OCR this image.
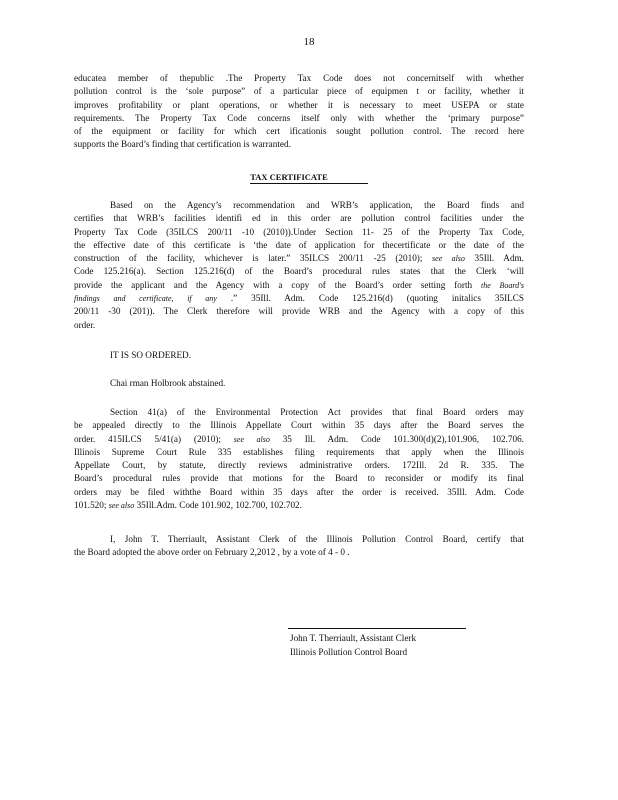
18
educatea member of thepublic .The Property Tax Code does not concernitself with whether
pollution control is the ‘sole purpose” of a particular piece of equipmen t or facility, whether it
improves profitability or plant operations, or whether it is necessary to meet USEPA or state
requirements. The Property Tax Code concerns itself only with whether the ‘primary purpose”
of the equipment or facility for which cert ificationis sought pollution control. The record here
supports the Board’s finding that certification is warranted.
TAX CERTIFICATE
Based on the Agency’s recommendation and WRB’s application, the Board finds and
certifies that WRB’s facilities identifi ed in this order are pollution control facilities under the
Property Tax Code (35ILCS 200/11 -10 (2010)).Under Section 11- 25 of the Property Tax Code,
the effective date of this certificate is ‘the date of application for thecertificate or the date of the
construction of the facility, whichever is later.” 35ILCS 200/11 -25 (2010); see also 35Ill. Adm.
Code 125.216(a). Section 125.216(d) of the Board’s procedural rules states that the Clerk ‘will
provide the applicant and the Agency with a copy of the Board’s order setting forth the Board's
findings and certificate, if any .” 35Ill. Adm. Code 125.216(d) (quoting initalics 35ILCS
200/11 -30 (201)). The Clerk therefore will provide WRB and the Agency with a copy of this
order.
IT IS SO ORDERED.
Chai rman Holbrook abstained.
Section 41(a) of the Environmental Protection Act provides that final Board orders may
be appealed directly to the Illinois Appellate Court within 35 days after the Board serves the
order. 415ILCS 5/41(a) (2010); see also 35 Ill. Adm. Code 101.300(d)(2),101.906, 102.706.
Illinois Supreme Court Rule 335 establishes filing requirements that apply when the Illinois
Appellate Court, by statute, directly reviews administrative orders. 172Ill. 2d R. 335. The
Board’s procedural rules provide that motions for the Board to reconsider or modify its final
orders may be filed withthe Board within 35 days after the order is received. 35Ill. Adm. Code
101.520; see also 35Ill.Adm. Code 101.902, 102.700, 102.702.
I, John T. Therriault, Assistant Clerk of the Illinois Pollution Control Board, certify that
the Board adopted the above order on February 2,2012 , by a vote of 4 - 0 .
John T. Therriault, Assistant Clerk
Illinois Pollution Control Board
